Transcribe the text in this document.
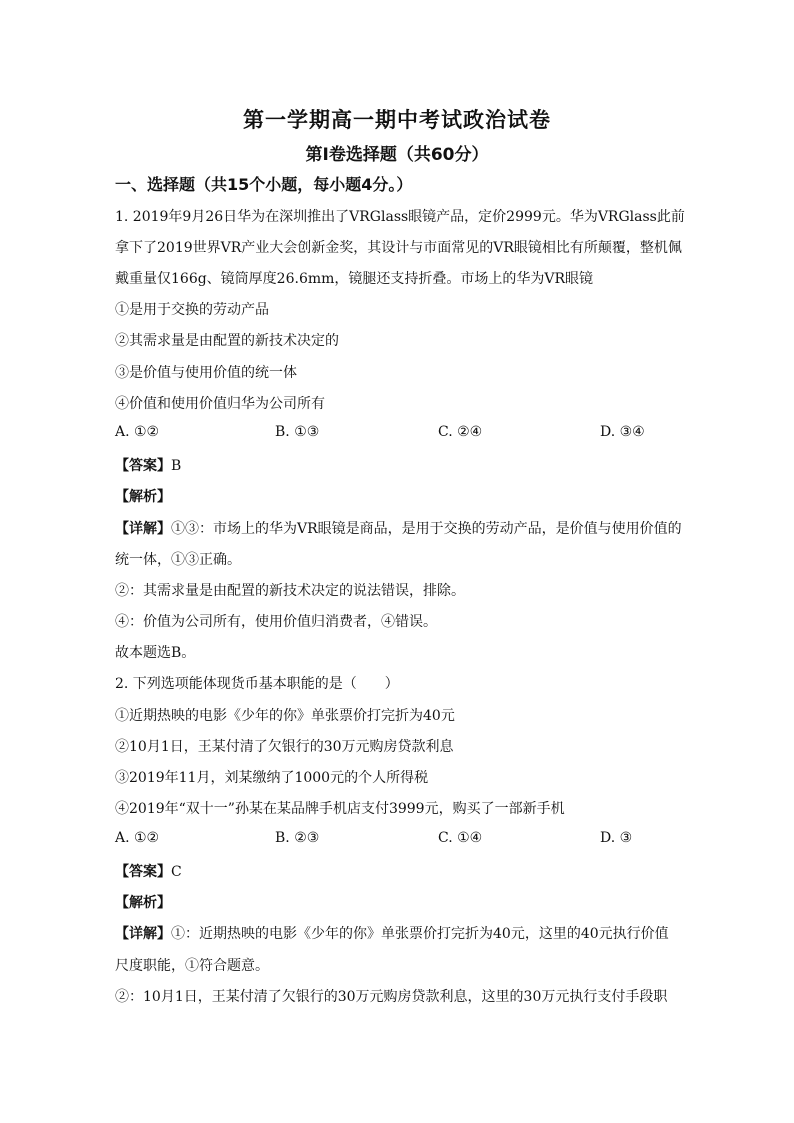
第一学期高一期中考试政治试卷
第Ⅰ卷选择题（共60分）
一、选择题（共15个小题，每小题4分。）
1. 2019年9月26日华为在深圳推出了VRGlass眼镜产品，定价2999元。华为VRGlass此前
拿下了2019世界VR产业大会创新金奖，其设计与市面常见的VR眼镜相比有所颠覆，整机佩
戴重量仅166g、镜筒厚度26.6mm，镜腿还支持折叠。市场上的华为VR眼镜
①是用于交换的劳动产品
②其需求量是由配置的新技术决定的
③是价值与使用价值的统一体
④价值和使用价值归华为公司所有
A. ①②	B. ①③	C. ②④	D. ③④
【答案】B
【解析】
【详解】①③：市场上的华为VR眼镜是商品，是用于交换的劳动产品，是价值与使用价值的
统一体，①③正确。
②：其需求量是由配置的新技术决定的说法错误，排除。
④：价值为公司所有，使用价值归消费者，④错误。
故本题选B。
2. 下列选项能体现货币基本职能的是（　　）
①近期热映的电影《少年的你》单张票价打完折为40元
②10月1日，王某付清了欠银行的30万元购房贷款利息
③2019年11月，刘某缴纳了1000元的个人所得税
④2019年“双十一”孙某在某品牌手机店支付3999元，购买了一部新手机
A. ①②	B. ②③	C. ①④	D. ③
【答案】C
【解析】
【详解】①：近期热映的电影《少年的你》单张票价打完折为40元，这里的40元执行价值
尺度职能，①符合题意。
②：10月1日，王某付清了欠银行的30万元购房贷款利息，这里的30万元执行支付手段职
